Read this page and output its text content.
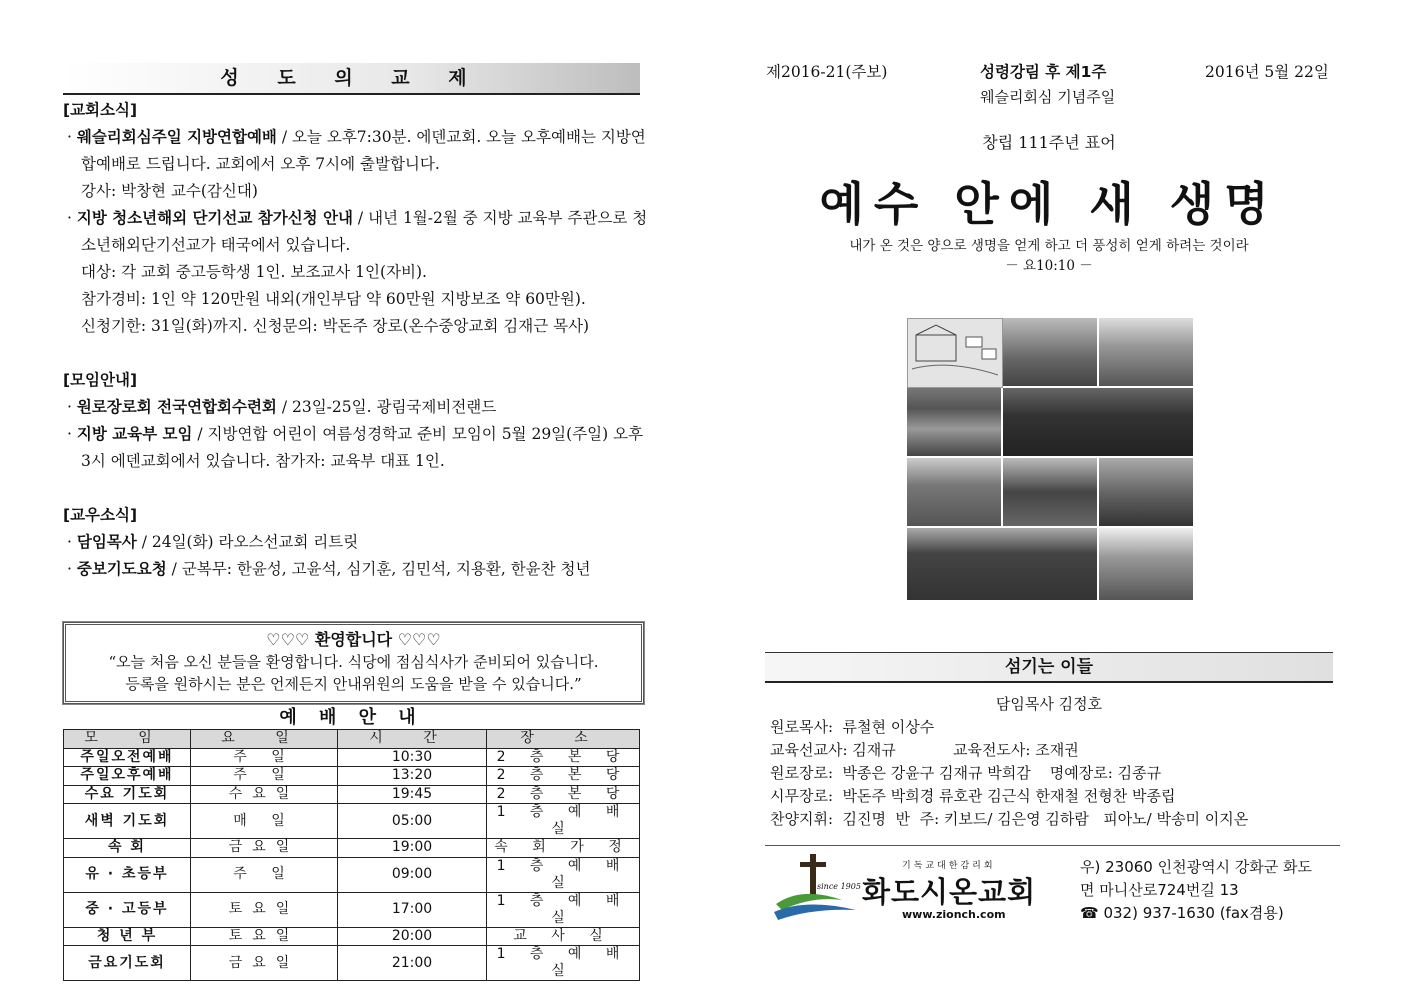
성 도 의 교 제

[교회소식]

· 웨슬리회심주일 지방연합예배 / 오늘 오후7:30분. 에덴교회. 오늘 오후예배는 지방연합예배로 드립니다. 교회에서 오후 7시에 출발합니다.

강사: 박창현 교수(감신대)

· 지방 청소년해외 단기선교 참가신청 안내 / 내년 1월-2월 중 지방 교육부 주관으로 청소년해외단기선교가 태국에서 있습니다.

대상: 각 교회 중고등학생 1인. 보조교사 1인(자비).

참가경비: 1인 약 120만원 내외(개인부담 약 60만원 지방보조 약 60만원).

신청기한: 31일(화)까지. 신청문의: 박돈주 장로(온수중앙교회 김재근 목사)

[모임안내]

· 원로장로회 전국연합회수련회 / 23일-25일. 광림국제비전랜드

· 지방 교육부 모임 / 지방연합 어린이 여름성경학교 준비 모임이 5월 29일(주일) 오후3시 에덴교회에서 있습니다. 참가자: 교육부 대표 1인.

[교우소식]

· 담임목사 / 24일(화) 라오스선교회 리트릿

· 중보기도요청 / 군복무: 한윤성, 고윤석, 심기훈, 김민석, 지용환, 한윤찬 청년

♡♡♡ 환영합니다 ♡♡♡
“오늘 처음 오신 분들을 환영합니다. 식당에 점심식사가 준비되어 있습니다.
등록을 원하시는 분은 언제든지 안내위원의 도움을 받을 수 있습니다.”
예 배 안 내
모 임	요 일	시 간	장 소
주일오전예배	주 일	10:30	2 층 본 당
주일오후예배	주 일	13:20	2 층 본 당
수요 기도회	수요일	19:45	2 층 본 당
새벽 기도회	매 일	05:00	1 층 예 배 실
속 회	금요일	19:00	속 회 가 정
유 · 초등부	주 일	09:00	1 층 예 배 실
중 · 고등부	토요일	17:00	1 층 예 배 실
청 년 부	토요일	20:00	교 사 실
금요기도회	금요일	21:00	1 층 예 배 실
제2016-21(주보)	성령강림 후 제1주	2016년 5월 22일
웨슬리회심 기념주일
창립 111주년 표어
예수 안에 새 생명
내가 온 것은 양으로 생명을 얻게 하고 더 풍성히 얻게 하려는 것이라
－ 요10:10 －
섬기는 이들
담임목사 김정호
원로목사:  류철현 이상수
교육선교사: 김재규            교육전도사: 조재권
원로장로:  박종은 강윤구 김재규 박희감    명예장로: 김종규
시무장로:  박돈주 박희경 류호관 김근식 한재철 전형찬 박종립
찬양지휘:  김진명  반  주: 키보드/ 김은영 김하람   피아노/ 박송미 이지온
since 1905
기독교대한감리회
화도시온교회
www.zionch.com
우) 23060 인천광역시 강화군 화도
면 마니산로724번길 13
☎ 032) 937-1630 (fax겸용)
